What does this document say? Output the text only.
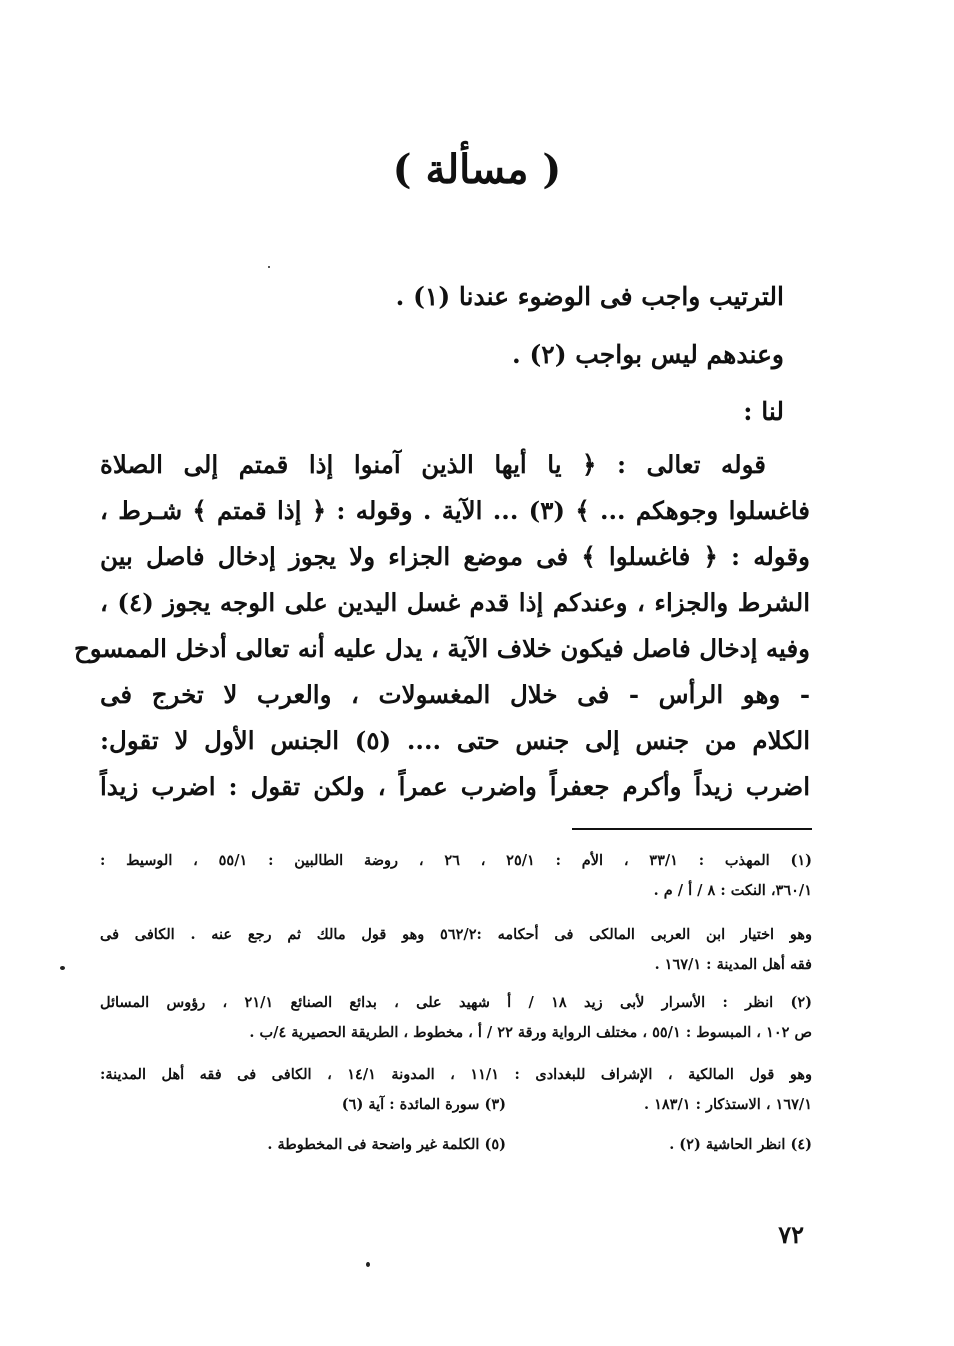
( مسألة )
الترتيب واجب فى الوضوء عندنا (١) .
وعندهم ليس بواجب (٢) .
لنا :
قوله تعالى : ﴿ يا أيها الذين آمنوا إذا قمتم إلى الصلاة
فاغسلوا وجوهكم ... ﴾ (٣) ... الآية . وقوله : ﴿ إذا قمتم ﴾ شـرط ،
وقوله : ﴿ فاغسلوا ﴾ فى موضع الجزاء ولا يجوز إدخال فاصل بين
الشرط والجزاء ، وعندكم إذا قدم غسل اليدين على الوجه يجوز (٤) ،
وفيه إدخال فاصل فيكون خلاف الآية ، يدل عليه أنه تعالى أدخل الممسوح
- وهو الرأس - فى خلال المغسولات ، والعرب لا تخرج فى
الكلام من جنس إلى جنس حتى .... (٥) الجنس الأول لا تقول:
اضرب زيداً وأكرم جعفراً واضرب عمراً ، ولكن تقول : اضرب زيداً
(١) المهذب : ٣٣/١ ، الأم : ٢٥/١ ، ٢٦ ، روضة الطالبين : ٥٥/١ ، الوسيط :
٣٦٠/١، النكت : ٨ / أ / م .
وهو اختيار ابن العربى المالكى فى أحكامه :٥٦٢/٢ وهو قول مالك ثم رجع عنه . الكافى فى
فقه أهل المدينة : ١٦٧/١ .
(٢) انظر : الأسرار لأبى زيد ١٨ / أ شهيد على ، بدائع الصنائع ٢١/١ ، رؤوس المسائل
ص ١٠٢ ، المبسوط : ٥٥/١ ، مختلف الرواية ورقة ٢٢ / أ ، مخطوط ، الطريقة الحصيرية ٤/ب .
وهو قول المالكية ، الإشراف للبغدادى : ١١/١ ، المدونة ١٤/١ ، الكافى فى فقه أهل المدينة:
١٦٧/١ ، الاستذكار : ١٨٣/١ .
(٣) سورة المائدة : آية (٦)
(٤) انظر الحاشية (٢) .
(٥) الكلمة غير واضحة فى المخطوطة .
٧٢
